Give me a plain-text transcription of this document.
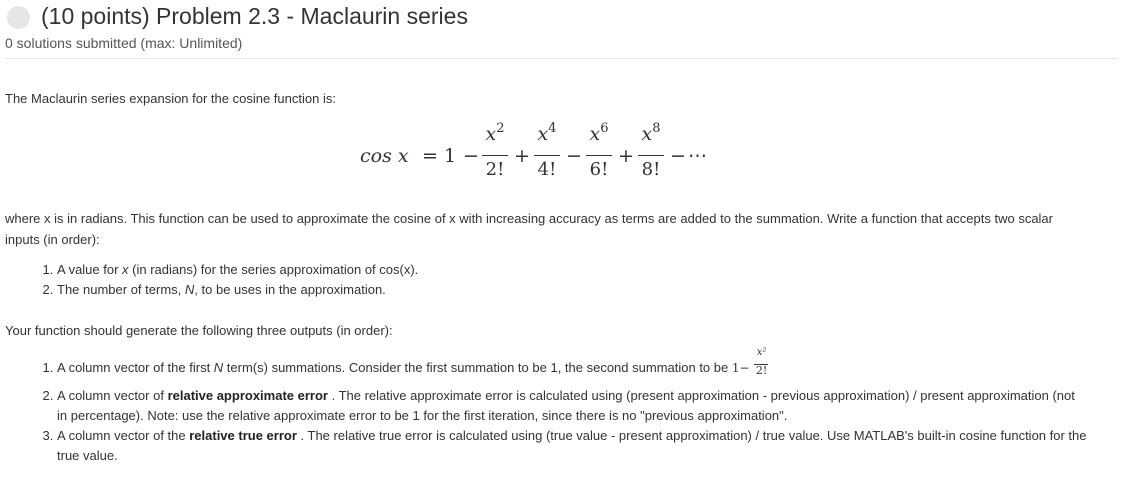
(10 points) Problem 2.3 - Maclaurin series
0 solutions submitted (max: Unlimited)
The Maclaurin series expansion for the cosine function is:
cos x = 1 −
$x^2$
2!
+
$x^4$
4!
−
$x^6$
6!
+
$x^8$
8!
− ⋯
where x is in radians. This function can be used to approximate the cosine of x with increasing accuracy as terms are added to the summation. Write a function that accepts two scalar inputs (in order):
1. A value for x (in radians) for the series approximation of cos(x).
2. The number of terms, N, to be uses in the approximation.
Your function should generate the following three outputs (in order):
1. A column vector of the first N term(s) summations. Consider the first summation to be 1, the second summation to be $1- \frac{\text{x²}}{2!}$
2. A column vector of relative approximate error . The relative approximate error is calculated using (present approximation - previous approximation) / present approximation (not in percentage). Note: use the relative approximate error to be 1 for the first iteration, since there is no "previous approximation".
3. A column vector of the relative true error . The relative true error is calculated using (true value - present approximation) / true value. Use MATLAB's built-in cosine function for the true value.
